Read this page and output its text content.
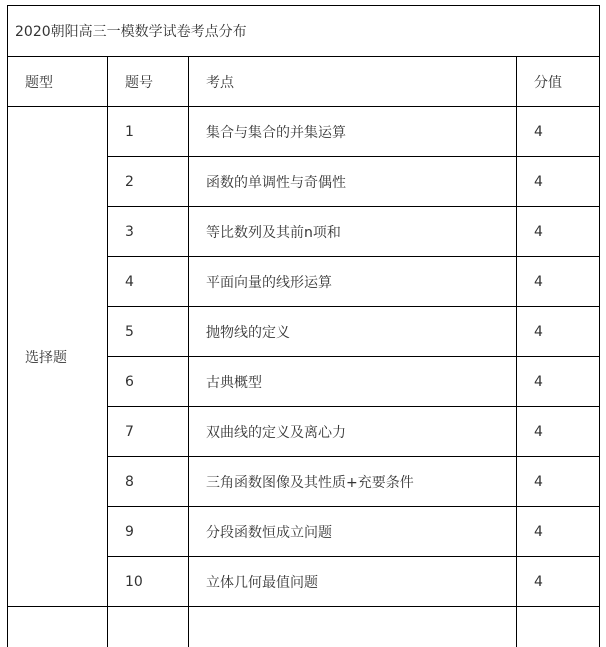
2020朝阳高三一模数学试卷考点分布			
题型	题号	考点	分值
选择题	1	集合与集合的并集运算	4
	2	函数的单调性与奇偶性	4
	3	等比数列及其前n项和	4
	4	平面向量的线形运算	4
	5	抛物线的定义	4
	6	古典概型	4
	7	双曲线的定义及离心力	4
	8	三角函数图像及其性质+充要条件	4
	9	分段函数恒成立问题	4
	10	立体几何最值问题	4
